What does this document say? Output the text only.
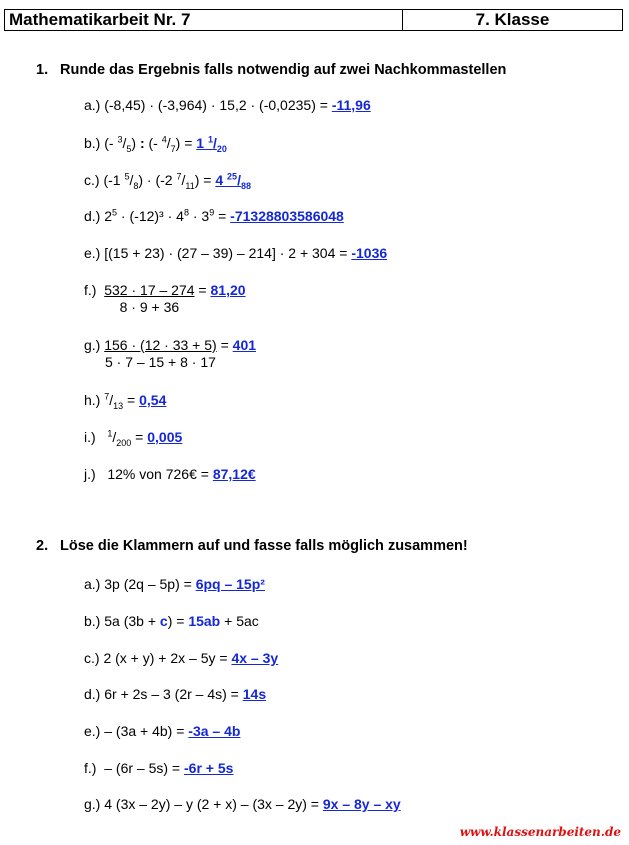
Mathematikarbeit Nr. 7	7. Klasse
1. Runde das Ergebnis falls notwendig auf zwei Nachkommastellen
a.) (-8,45) · (-3,964) · 15,2 · (-0,0235) = -11,96
b.) (- $^3/_5$) : (- $^4/_7) = 1$ $^1/_{20}$
c.) (-1 $^5/_8) \cdot (-2$ $^7/_{11}) = 4$ $^{25}/_{88}$
d.) $2^5 \cdot (-12)^3 \cdot 4^8 \cdot 3^9 = -71328803586048$
e.) [(15 + 23) · (27 – 39) – 214] · 2 + 304 = -1036
$f.) \frac{532 \cdot 17 - 274}{8 \cdot 9 + 36} = 81,20$
$g.) \frac{156 \cdot (12 \cdot 33 + 5)}{5 \cdot 7 - 15 + 8 \cdot 17} = 401$
h.) $^7/_{13} = 0,54$
i.) $^1/_{200} = 0,005$
j.) 12% von 726€ = 87,12€
2. Löse die Klammern auf und fasse falls möglich zusammen!
a.) 3p (2q – 5p) = 6pq – 15p²
b.) 5a (3b + c) = 15ab + 5ac
c.) 2 (x + y) + 2x – 5y = 4x – 3y
d.) 6r + 2s – 3 (2r – 4s) = 14s
e.) – (3a + 4b) = -3a – 4b
f.) – (6r – 5s) = -6r + 5s
g.) 4 (3x – 2y) – y (2 + x) – (3x – 2y) = 9x – 8y – xy
www.klassenarbeiten.de
